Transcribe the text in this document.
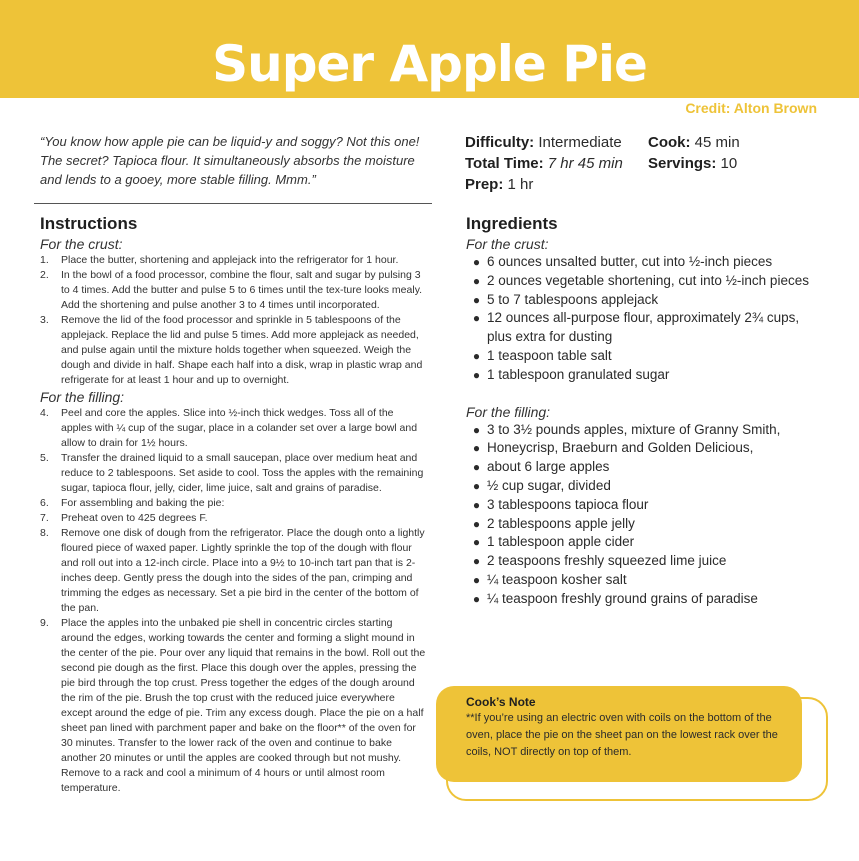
Super Apple Pie
Credit: Alton Brown
“You know how apple pie can be liquid-y and soggy? Not this one! The secret? Tapioca flour. It simultaneously absorbs the moisture and lends to a gooey, more stable filling. Mmm.”
Difficulty: Intermediate	Cook: 45 min
Total Time: 7 hr 45 min	Servings: 10
Prep: 1 hr
Instructions
For the crust:
1.	Place the butter, shortening and applejack into the refrigerator for 1 hour.
2.	In the bowl of a food processor, combine the flour, salt and sugar by pulsing 3 to 4 times. Add the butter and pulse 5 to 6 times until the tex-ture looks mealy. Add the shortening and pulse another 3 to 4 times until incorporated.
3.	Remove the lid of the food processor and sprinkle in 5 tablespoons of the applejack. Replace the lid and pulse 5 times. Add more applejack as needed, and pulse again until the mixture holds together when squeezed. Weigh the dough and divide in half. Shape each half into a disk, wrap in plastic wrap and refrigerate for at least 1 hour and up to overnight.
For the filling:
4.	Peel and core the apples. Slice into ½-inch thick wedges. Toss all of the apples with ¼ cup of the sugar, place in a colander set over a large bowl and allow to drain for 1½ hours.
5.	Transfer the drained liquid to a small saucepan, place over medium heat and reduce to 2 tablespoons. Set aside to cool. Toss the apples with the remaining sugar, tapioca flour, jelly, cider, lime juice, salt and grains of paradise.
6.	For assembling and baking the pie:
7.	Preheat oven to 425 degrees F.
8.	Remove one disk of dough from the refrigerator. Place the dough onto a lightly floured piece of waxed paper. Lightly sprinkle the top of the dough with flour and roll out into a 12-inch circle. Place into a 9½ to 10-inch tart pan that is 2-inches deep. Gently press the dough into the sides of the pan, crimping and trimming the edges as necessary. Set a pie bird in the center of the bottom of the pan.
9.	Place the apples into the unbaked pie shell in concentric circles starting around the edges, working towards the center and forming a slight mound in the center of the pie. Pour over any liquid that remains in the bowl. Roll out the second pie dough as the first. Place this dough over the apples, pressing the pie bird through the top crust. Press together the edges of the dough around the rim of the pie. Brush the top crust with the reduced juice everywhere except around the edge of pie. Trim any excess dough. Place the pie on a half sheet pan lined with parchment paper and bake on the floor** of the oven for 30 minutes. Transfer to the lower rack of the oven and continue to bake another 20 minutes or until the apples are cooked through but not mushy. Remove to a rack and cool a minimum of 4 hours or until almost room temperature.
Ingredients
For the crust:
● 6 ounces unsalted butter, cut into ½-inch pieces
● 2 ounces vegetable shortening, cut into ½-inch pieces
● 5 to 7 tablespoons applejack
● 12 ounces all-purpose flour, approximately 2¾ cups, plus extra for dusting
● 1 teaspoon table salt
● 1 tablespoon granulated sugar
For the filling:
● 3 to 3½ pounds apples, mixture of Granny Smith,
● Honeycrisp, Braeburn and Golden Delicious,
● about 6 large apples
● ½ cup sugar, divided
● 3 tablespoons tapioca flour
● 2 tablespoons apple jelly
● 1 tablespoon apple cider
● 2 teaspoons freshly squeezed lime juice
● ¼ teaspoon kosher salt
● ¼ teaspoon freshly ground grains of paradise
Cook’s Note
**If you’re using an electric oven with coils on the bottom of the oven, place the pie on the sheet pan on the lowest rack over the coils, NOT directly on top of them.
